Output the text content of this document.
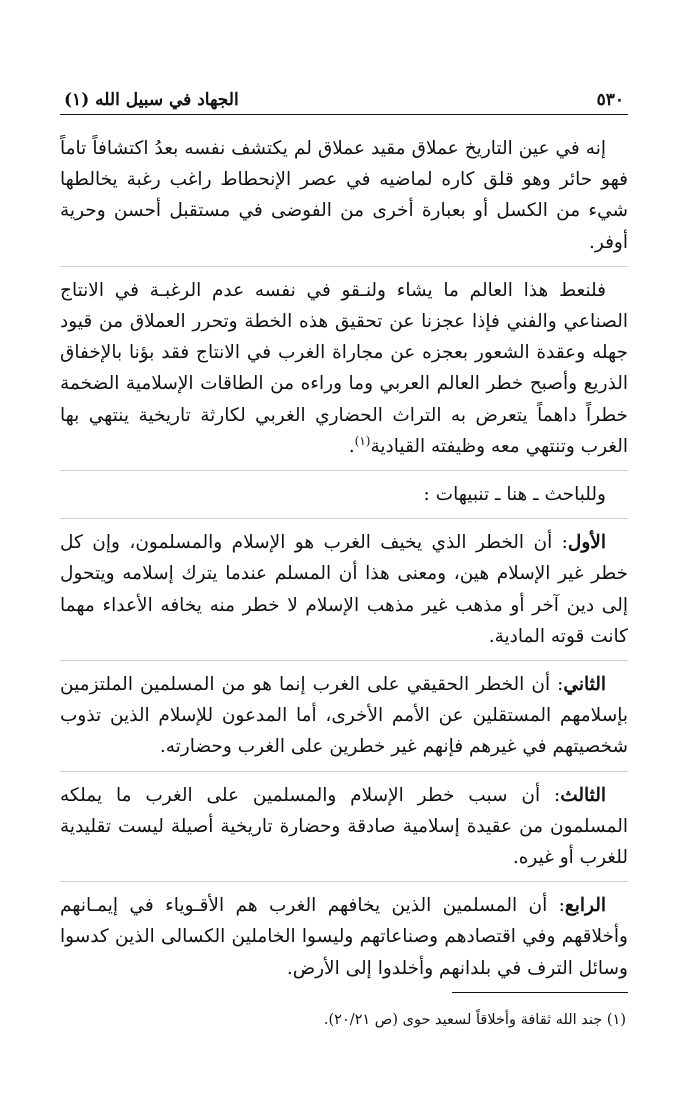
٥٣٠
الجهاد في سبيل الله (١)

إنه في عين التاريخ عملاق مقيد عملاق لم يكتشف نفسه بعدُ اكتشافاً تاماً فهو حائر وهو قلق كاره لماضيه في عصر الإنحطاط راغب رغبة يخالطها شيء من الكسل أو بعبارة أخرى من الفوضى في مستقبل أحسن وحرية أوفر.

فلنعط هذا العالم ما يشاء ولنـقو في نفسه عدم الرغبـة في الانتاج الصناعي والفني فإذا عجزنا عن تحقيق هذه الخطة وتحرر العملاق من قيود جهله وعقدة الشعور بعجزه عن مجاراة الغرب في الانتاج فقد بؤنا بالإخفاق الذريع وأصبح خطر العالم العربي وما وراءه من الطاقات الإسلامية الضخمة خطراً داهماً يتعرض به التراث الحضاري الغربي لكارثة تاريخية ينتهي بها الغرب وتنتهي معه وظيفته القيادية$^{(١)}$.

وللباحث ـ هنا ـ تنبيهات :

الأول: أن الخطر الذي يخيف الغرب هو الإسلام والمسلمون، وإن كل خطر غير الإسلام هين، ومعنى هذا أن المسلم عندما يترك إسلامه ويتحول إلى دين آخر أو مذهب غير مذهب الإسلام لا خطر منه يخافه الأعداء مهما كانت قوته المادية.

الثاني: أن الخطر الحقيقي على الغرب إنما هو من المسلمين الملتزمين بإسلامهم المستقلين عن الأمم الأخرى، أما المدعون للإسلام الذين تذوب شخصيتهم في غيرهم فإنهم غير خطرين على الغرب وحضارته.

الثالث: أن سبب خطر الإسلام والمسلمين على الغرب ما يملكه المسلمون من عقيدة إسلامية صادقة وحضارة تاريخية أصيلة ليست تقليدية للغرب أو غيره.

الرابع: أن المسلمين الذين يخافهم الغرب هم الأقـوياء في إيمـانهم وأخلاقهم وفي اقتصادهم وصناعاتهم وليسوا الخاملين الكسالى الذين كدسوا وسائل الترف في بلدانهم وأخلدوا إلى الأرض.

(١) جند الله ثقافة وأخلاقاً لسعيد حوى (ص ٢٠/٢١).
